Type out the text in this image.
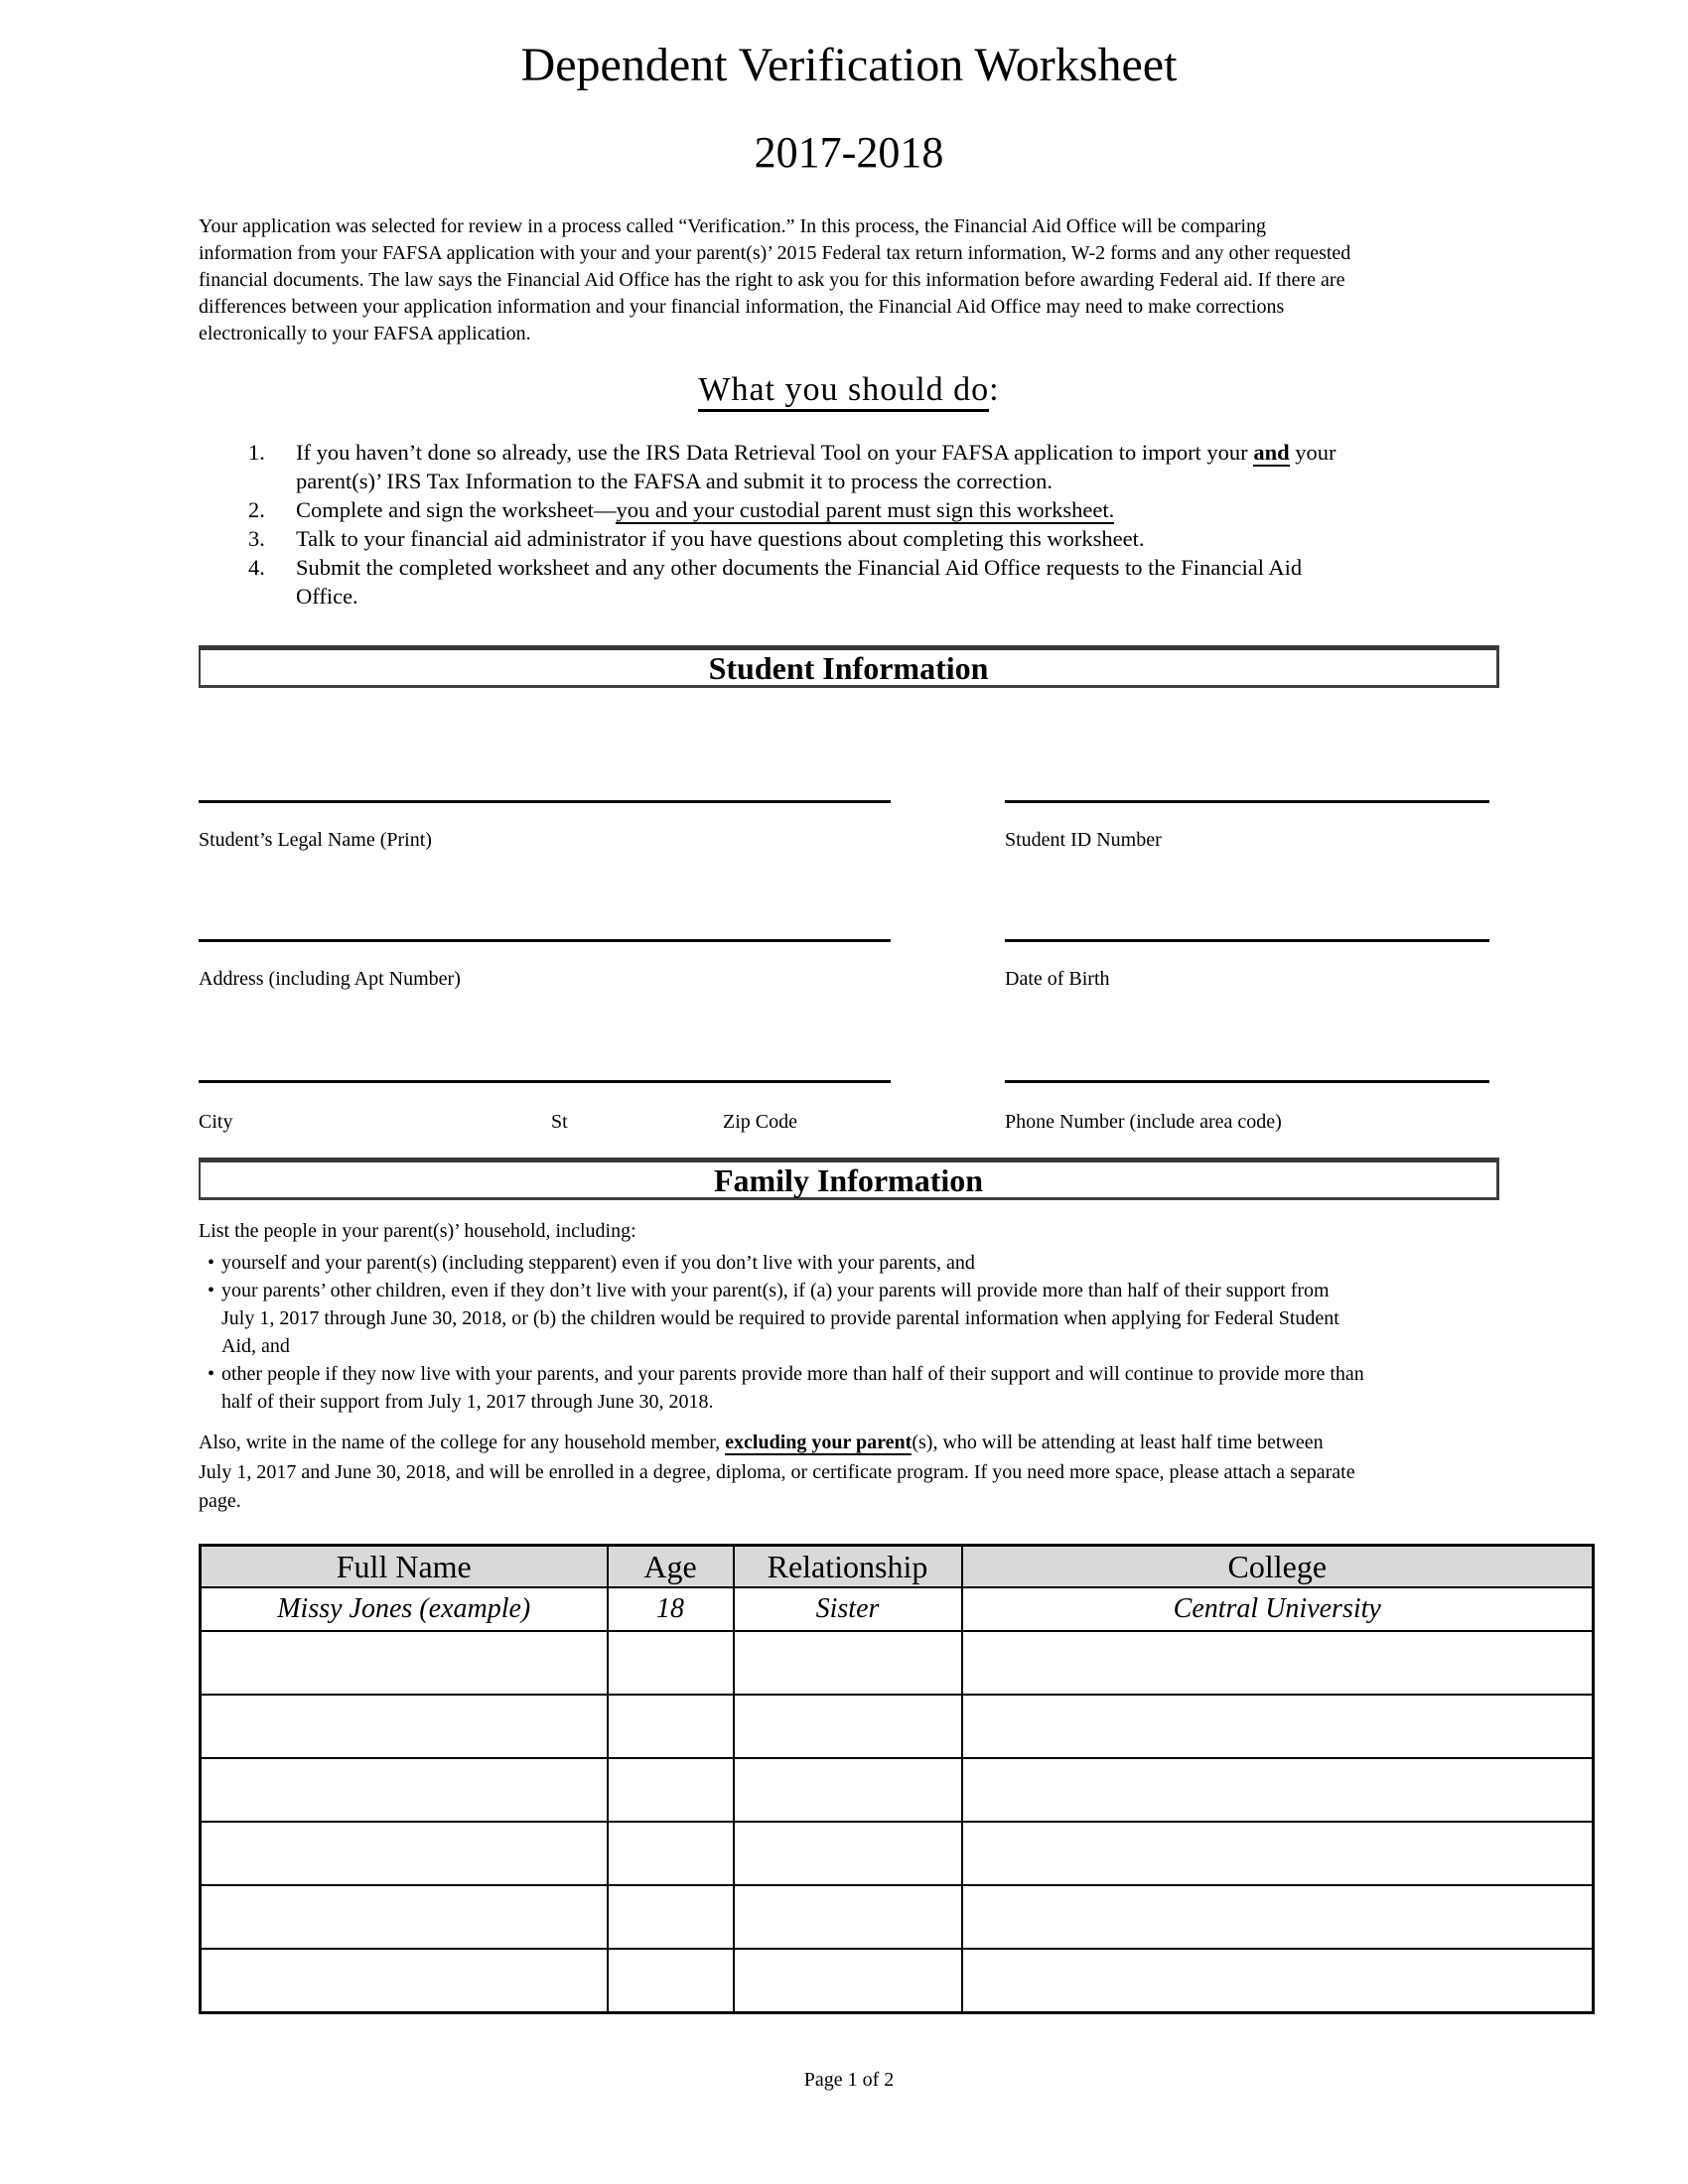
Dependent Verification Worksheet
2017-2018
Your application was selected for review in a process called “Verification.” In this process, the Financial Aid Office will be comparing
information from your FAFSA application with your and your parent(s)’ 2015 Federal tax return information, W-2 forms and any other requested
financial documents. The law says the Financial Aid Office has the right to ask you for this information before awarding Federal aid. If there are
differences between your application information and your financial information, the Financial Aid Office may need to make corrections
electronically to your FAFSA application.
What you should do:
1. If you haven’t done so already, use the IRS Data Retrieval Tool on your FAFSA application to import your and your
parent(s)’ IRS Tax Information to the FAFSA and submit it to process the correction.
2. Complete and sign the worksheet—you and your custodial parent must sign this worksheet.
3. Talk to your financial aid administrator if you have questions about completing this worksheet.
4. Submit the completed worksheet and any other documents the Financial Aid Office requests to the Financial Aid
Office.
Student Information
Student’s Legal Name (Print)	Student ID Number
Address (including Apt Number)	Date of Birth
City	St	Zip Code	Phone Number (include area code)
Family Information
List the people in your parent(s)’ household, including:
• yourself and your parent(s) (including stepparent) even if you don’t live with your parents, and
• your parents’ other children, even if they don’t live with your parent(s), if (a) your parents will provide more than half of their support from
July 1, 2017 through June 30, 2018, or (b) the children would be required to provide parental information when applying for Federal Student
Aid, and
• other people if they now live with your parents, and your parents provide more than half of their support and will continue to provide more than
half of their support from July 1, 2017 through June 30, 2018.
Also, write in the name of the college for any household member, excluding your parent(s), who will be attending at least half time between
July 1, 2017 and June 30, 2018, and will be enrolled in a degree, diploma, or certificate program. If you need more space, please attach a separate
page.
Full Name	Age	Relationship	College
Missy Jones (example)	18	Sister	Central University

Page 1 of 2
